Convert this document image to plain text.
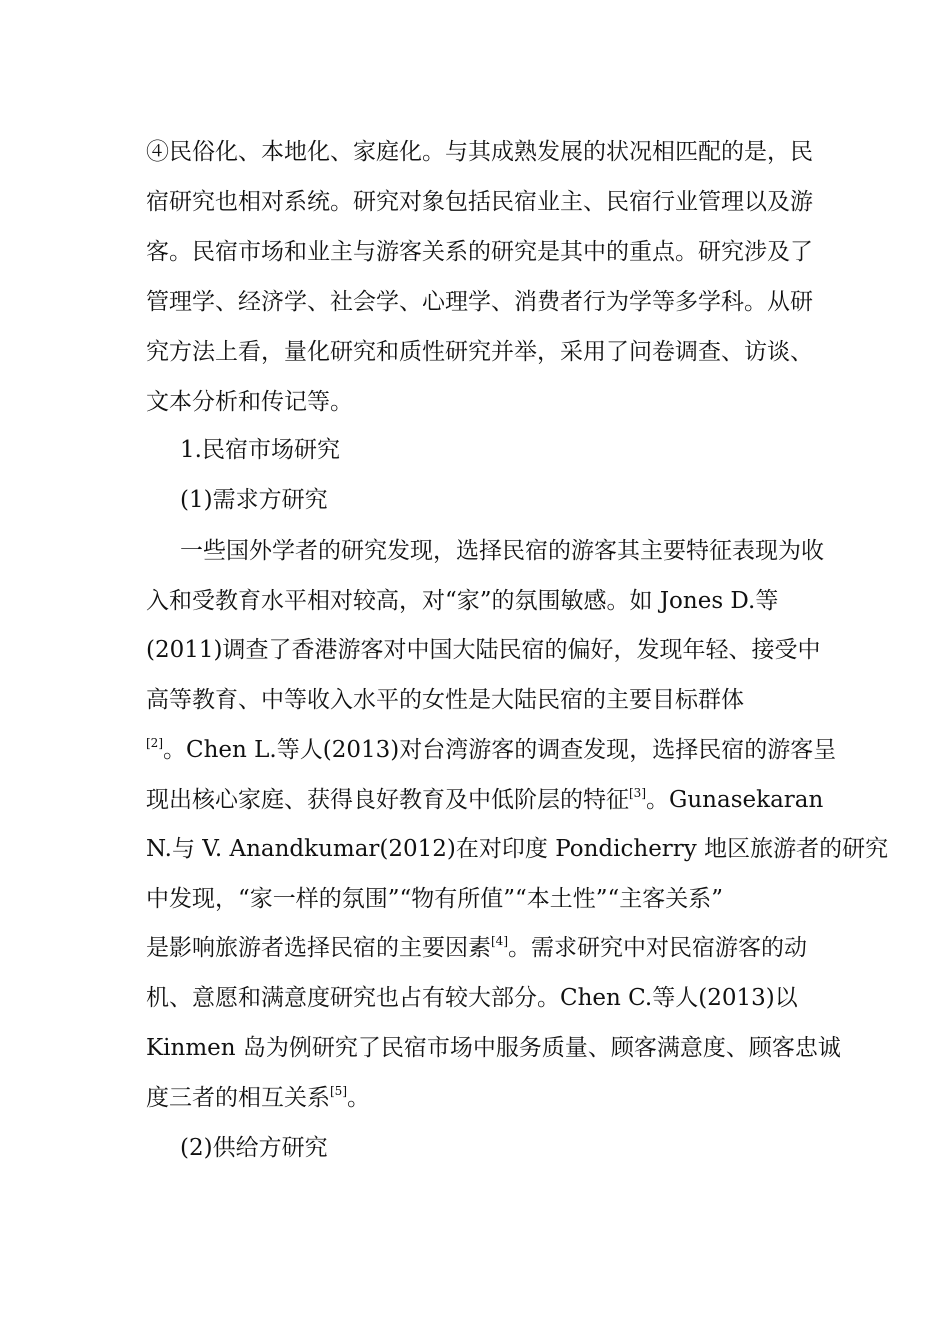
④民俗化、本地化、家庭化。与其成熟发展的状况相匹配的是，民
宿研究也相对系统。研究对象包括民宿业主、民宿行业管理以及游
客。民宿市场和业主与游客关系的研究是其中的重点。研究涉及了
管理学、经济学、社会学、心理学、消费者行为学等多学科。从研
究方法上看，量化研究和质性研究并举，采用了问卷调查、访谈、
文本分析和传记等。
1.民宿市场研究
(1)需求方研究
一些国外学者的研究发现，选择民宿的游客其主要特征表现为收
入和受教育水平相对较高，对“家”的氛围敏感。如 Jones D.等
(2011)调查了香港游客对中国大陆民宿的偏好，发现年轻、接受中
高等教育、中等收入水平的女性是大陆民宿的主要目标群体
[2]。Chen L.等人(2013)对台湾游客的调查发现，选择民宿的游客呈
现出核心家庭、获得良好教育及中低阶层的特征[3]。Gunasekaran
N.与 V. Anandkumar(2012)在对印度 Pondicherry 地区旅游者的研究
中发现，“家一样的氛围”“物有所值”“本土性”“主客关系”
是影响旅游者选择民宿的主要因素[4]。需求研究中对民宿游客的动
机、意愿和满意度研究也占有较大部分。Chen C.等人(2013)以
Kinmen 岛为例研究了民宿市场中服务质量、顾客满意度、顾客忠诚
度三者的相互关系[5]。
(2)供给方研究
